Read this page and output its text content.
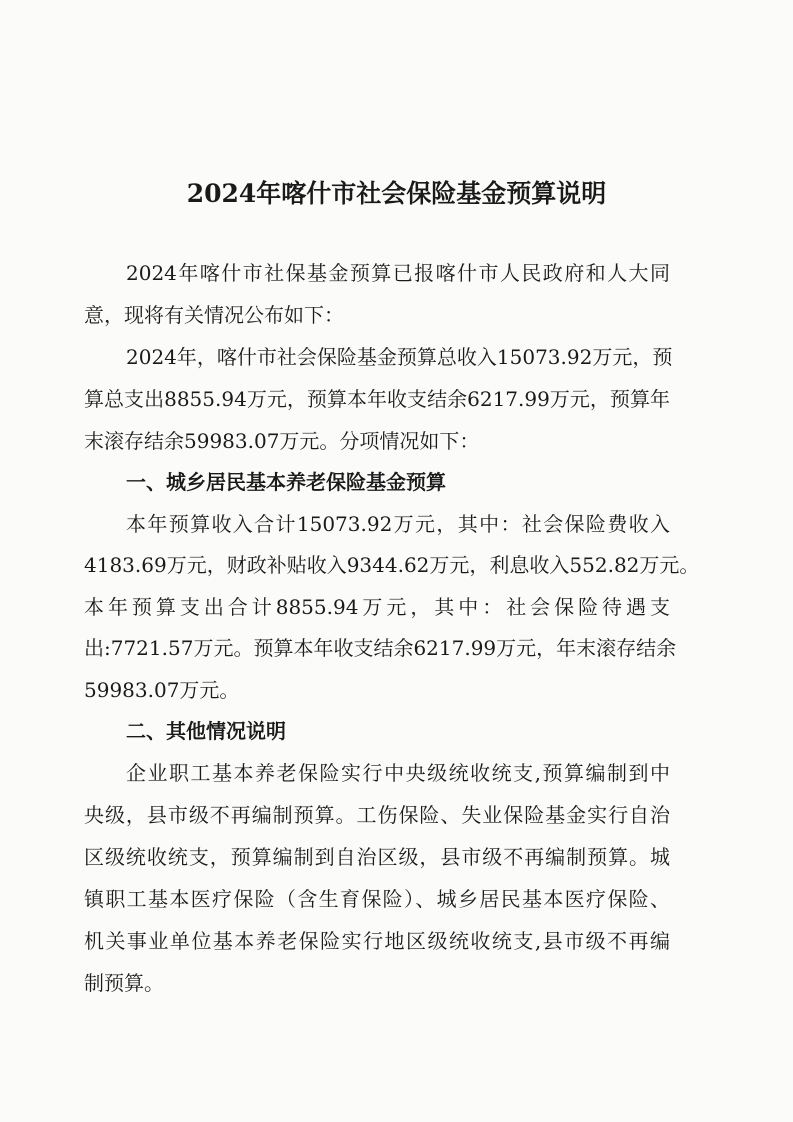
2024年喀什市社会保险基金预算说明
2024年喀什市社保基金预算已报喀什市人民政府和人大同
意，现将有关情况公布如下：
2024年，喀什市社会保险基金预算总收入15073.92万元，预
算总支出8855.94万元，预算本年收支结余6217.99万元，预算年
末滚存结余59983.07万元。分项情况如下：
一、城乡居民基本养老保险基金预算
本年预算收入合计15073.92万元，其中：社会保险费收入
4183.69万元，财政补贴收入9344.62万元，利息收入552.82万元。
本年预算支出合计8855.94万元，其中：社会保险待遇支
出:7721.57万元。预算本年收支结余6217.99万元，年末滚存结余
59983.07万元。
二、其他情况说明
企业职工基本养老保险实行中央级统收统支,预算编制到中
央级，县市级不再编制预算。工伤保险、失业保险基金实行自治
区级统收统支，预算编制到自治区级，县市级不再编制预算。城
镇职工基本医疗保险（含生育保险）、城乡居民基本医疗保险、
机关事业单位基本养老保险实行地区级统收统支,县市级不再编
制预算。
